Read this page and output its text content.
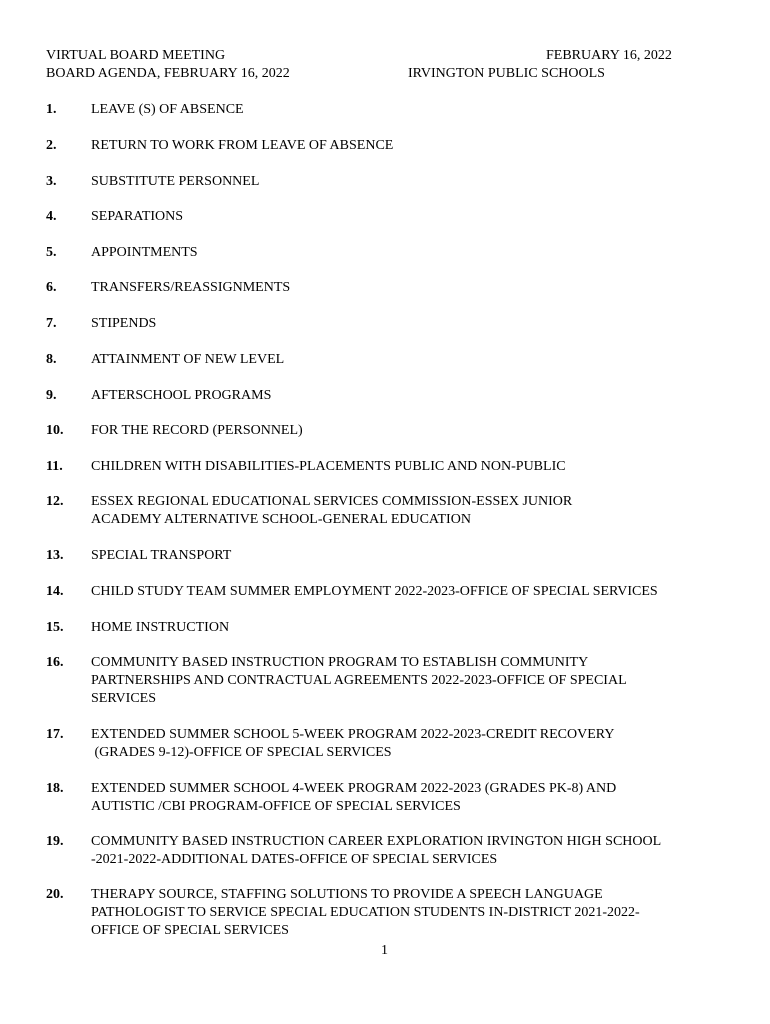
VIRTUAL BOARD MEETING
BOARD AGENDA, FEBRUARY 16, 2022
FEBRUARY 16, 2022
IRVINGTON PUBLIC SCHOOLS
1. LEAVE (S) OF ABSENCE
2. RETURN TO WORK FROM LEAVE OF ABSENCE
3. SUBSTITUTE PERSONNEL
4. SEPARATIONS
5. APPOINTMENTS
6. TRANSFERS/REASSIGNMENTS
7. STIPENDS
8. ATTAINMENT OF NEW LEVEL
9. AFTERSCHOOL PROGRAMS
10. FOR THE RECORD (PERSONNEL)
11. CHILDREN WITH DISABILITIES-PLACEMENTS PUBLIC AND NON-PUBLIC
12. ESSEX REGIONAL EDUCATIONAL SERVICES COMMISSION-ESSEX JUNIOR
ACADEMY ALTERNATIVE SCHOOL-GENERAL EDUCATION
13. SPECIAL TRANSPORT
14. CHILD STUDY TEAM SUMMER EMPLOYMENT 2022-2023-OFFICE OF SPECIAL SERVICES
15. HOME INSTRUCTION
16. COMMUNITY BASED INSTRUCTION PROGRAM TO ESTABLISH COMMUNITY
PARTNERSHIPS AND CONTRACTUAL AGREEMENTS 2022-2023-OFFICE OF SPECIAL
SERVICES
17. EXTENDED SUMMER SCHOOL 5-WEEK PROGRAM 2022-2023-CREDIT RECOVERY
(GRADES 9-12)-OFFICE OF SPECIAL SERVICES
18. EXTENDED SUMMER SCHOOL 4-WEEK PROGRAM 2022-2023 (GRADES PK-8) AND
AUTISTIC /CBI PROGRAM-OFFICE OF SPECIAL SERVICES
19. COMMUNITY BASED INSTRUCTION CAREER EXPLORATION IRVINGTON HIGH SCHOOL
-2021-2022-ADDITIONAL DATES-OFFICE OF SPECIAL SERVICES
20. THERAPY SOURCE, STAFFING SOLUTIONS TO PROVIDE A SPEECH LANGUAGE
PATHOLOGIST TO SERVICE SPECIAL EDUCATION STUDENTS IN-DISTRICT 2021-2022-
OFFICE OF SPECIAL SERVICES
1
